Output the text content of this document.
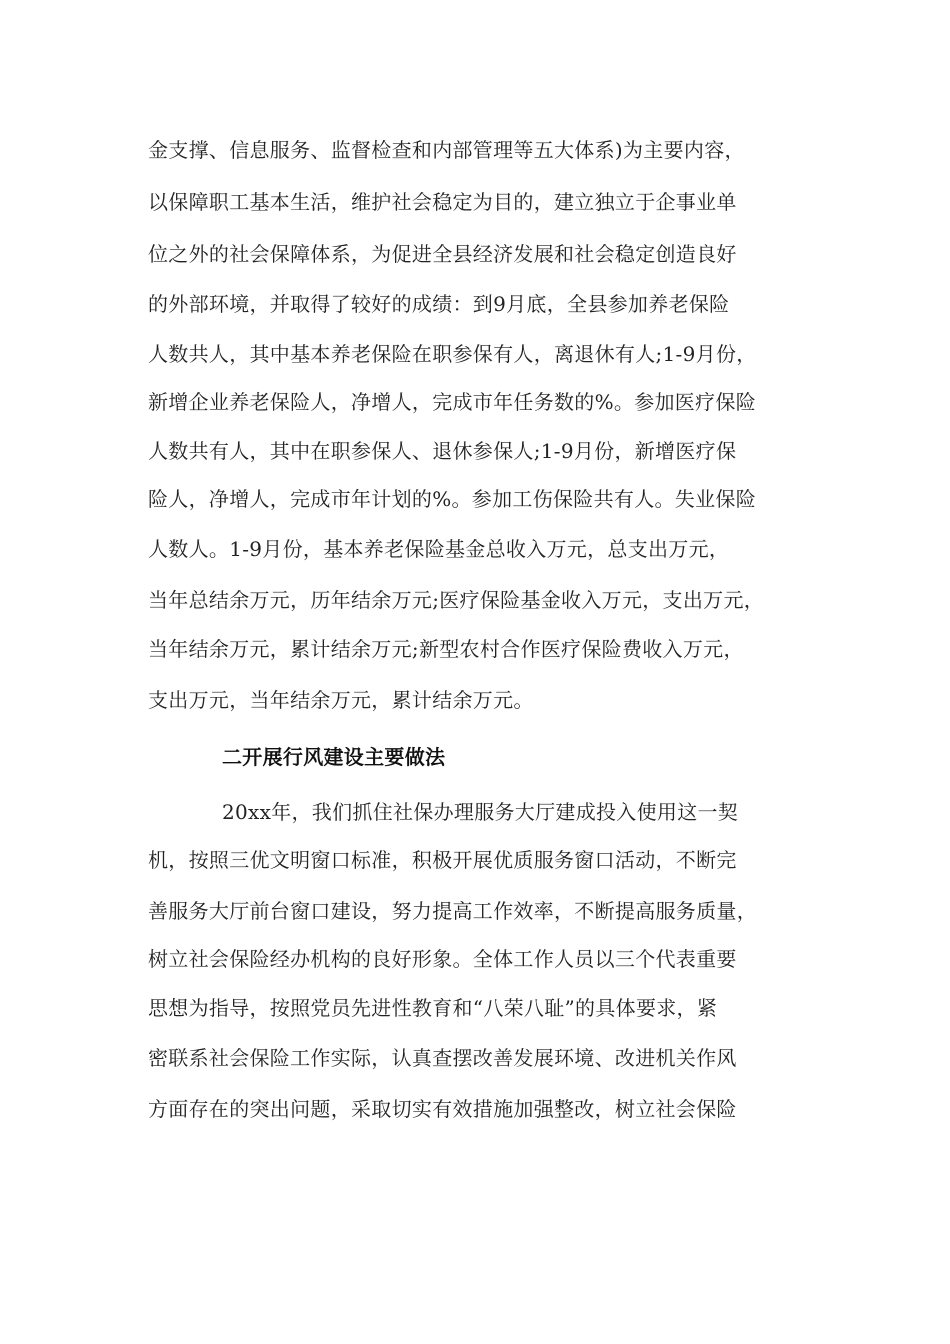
金支撑、信息服务、监督检查和内部管理等五大体系)为主要内容，
以保障职工基本生活，维护社会稳定为目的，建立独立于企事业单
位之外的社会保障体系，为促进全县经济发展和社会稳定创造良好
的外部环境，并取得了较好的成绩：到9月底，全县参加养老保险
人数共人，其中基本养老保险在职参保有人，离退休有人;1-9月份，
新增企业养老保险人，净增人，完成市年任务数的%。参加医疗保险
人数共有人，其中在职参保人、退休参保人;1-9月份，新增医疗保
险人，净增人，完成市年计划的%。参加工伤保险共有人。失业保险
人数人。1-9月份，基本养老保险基金总收入万元，总支出万元，
当年总结余万元，历年结余万元;医疗保险基金收入万元，支出万元，
当年结余万元，累计结余万元;新型农村合作医疗保险费收入万元，
支出万元，当年结余万元，累计结余万元。
二开展行风建设主要做法
20xx年，我们抓住社保办理服务大厅建成投入使用这一契
机，按照三优文明窗口标准，积极开展优质服务窗口活动，不断完
善服务大厅前台窗口建设，努力提高工作效率，不断提高服务质量，
树立社会保险经办机构的良好形象。全体工作人员以三个代表重要
思想为指导，按照党员先进性教育和“八荣八耻”的具体要求，紧
密联系社会保险工作实际，认真查摆改善发展环境、改进机关作风
方面存在的突出问题，采取切实有效措施加强整改，树立社会保险
